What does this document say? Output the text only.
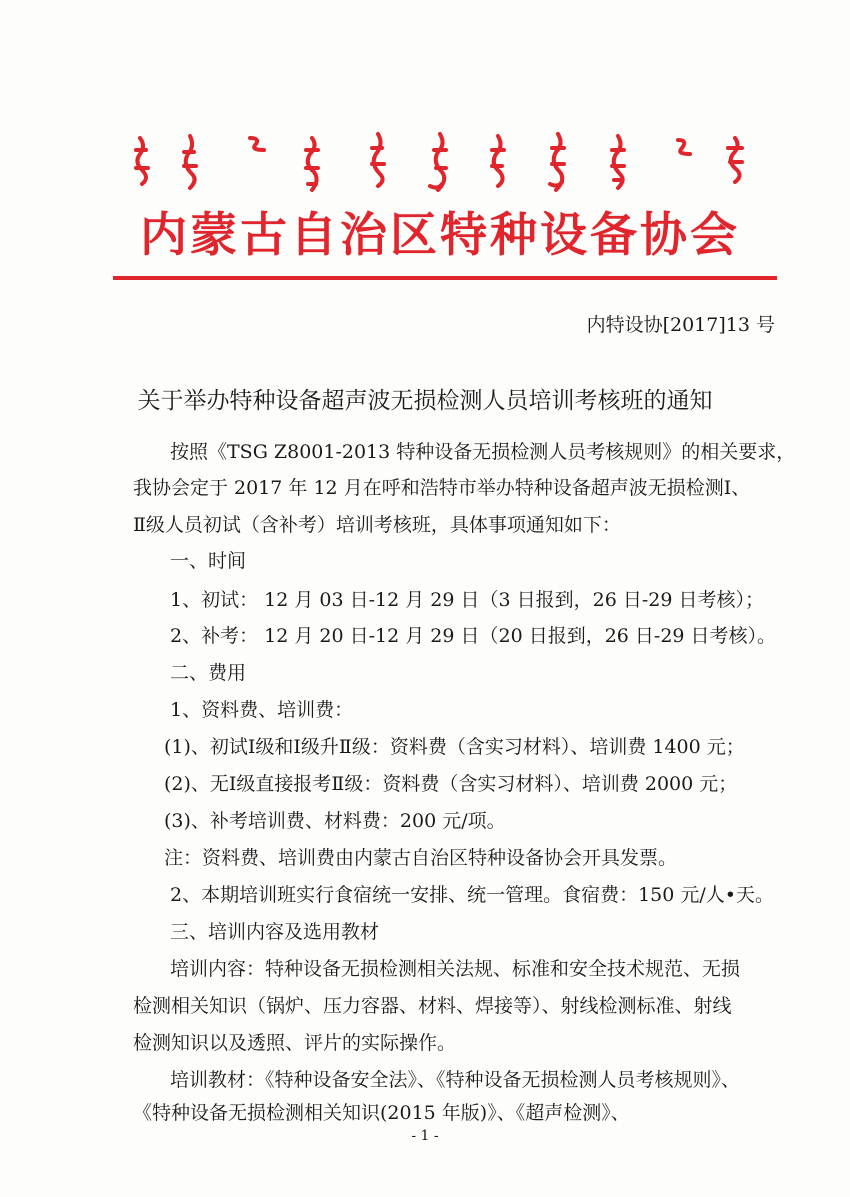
内蒙古自治区特种设备协会
内特设协[2017]13 号
关于举办特种设备超声波无损检测人员培训考核班的通知
按照《TSG Z8001-2013 特种设备无损检测人员考核规则》的相关要求，
我协会定于 2017 年 12 月在呼和浩特市举办特种设备超声波无损检测Ⅰ、
Ⅱ级人员初试（含补考）培训考核班，具体事项通知如下：
一、时间
1、初试： 12 月 03 日-12 月 29 日（3 日报到，26 日-29 日考核）；
2、补考： 12 月 20 日-12 月 29 日（20 日报到，26 日-29 日考核）。
二、费用
1、资料费、培训费：
(1)、初试Ⅰ级和Ⅰ级升Ⅱ级：资料费（含实习材料）、培训费 1400 元；
(2)、无Ⅰ级直接报考Ⅱ级：资料费（含实习材料）、培训费 2000 元；
(3)、补考培训费、材料费：200 元/项。
注：资料费、培训费由内蒙古自治区特种设备协会开具发票。
2、本期培训班实行食宿统一安排、统一管理。食宿费：150 元/人•天。
三、培训内容及选用教材
培训内容：特种设备无损检测相关法规、标准和安全技术规范、无损
检测相关知识（锅炉、压力容器、材料、焊接等）、射线检测标准、射线
检测知识以及透照、评片的实际操作。
培训教材：《特种设备安全法》、《特种设备无损检测人员考核规则》、
《特种设备无损检测相关知识(2015 年版)》、《超声检测》、
- 1 -
